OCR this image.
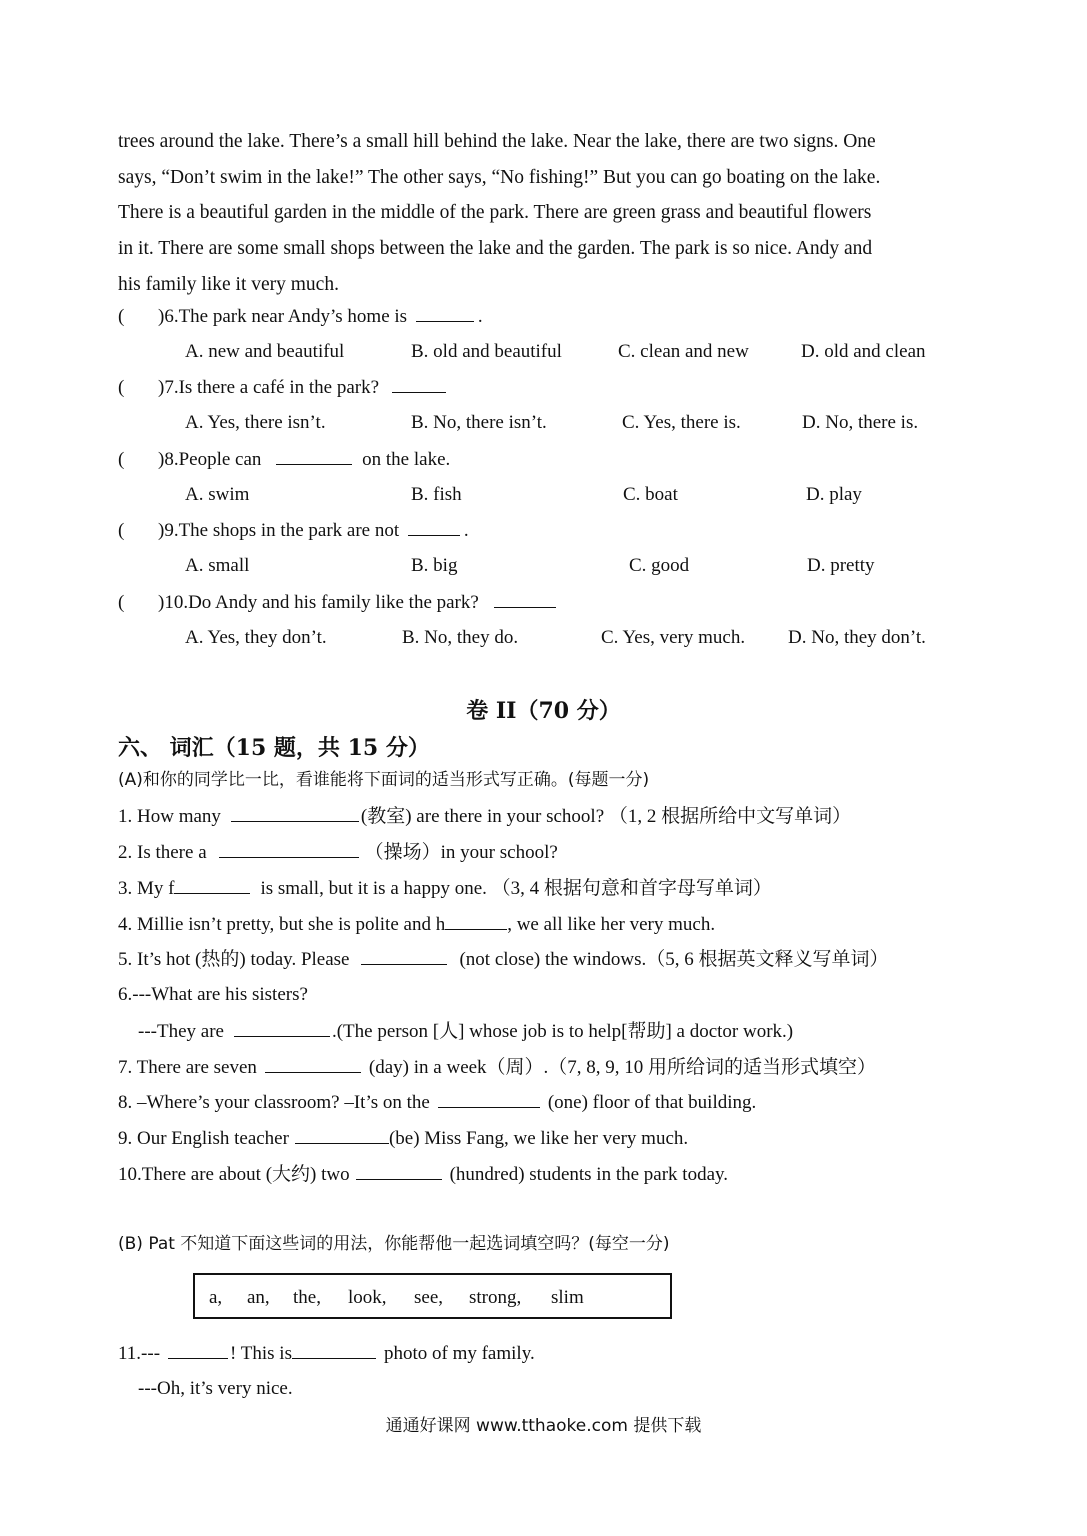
trees around the lake. There’s a small hill behind the lake. Near the lake, there are two signs. One
says, “Don’t swim in the lake!” The other says, “No fishing!” But you can go boating on the lake.
There is a beautiful garden in the middle of the park. There are green grass and beautiful flowers
in it. There are some small shops between the lake and the garden. The park is so nice. Andy and
his family like it very much.
( )6.The park near Andy’s home is	.
A. new and beautiful	B. old and beautiful	C. clean and new	D. old and clean
( )7.Is there a café in the park?
A. Yes, there isn’t.	B. No, there isn’t.	C. Yes, there is.	D. No, there is.
( )8.People can	on the lake.
A. swim	B. fish	C. boat	D. play
( )9.The shops in the park are not	.
A. small	B. big	C. good	D. pretty
( )10.Do Andy and his family like the park?
A. Yes, they don’t.	B. No, they do.	C. Yes, very much. D. No, they don’t.
卷 II（70 分）
六、 词汇（15 题，共 15 分）
(A)和你的同学比一比，看谁能将下面词的适当形式写正确。(每题一分)
1. How many	(教室) are there in your school? （1, 2 根据所给中文写单词）
2. Is there a	（操场）in your school?
3. My f	is small, but it is a happy one. （3, 4 根据句意和首字母写单词）
4. Millie isn’t pretty, but she is polite and h	, we all like her very much.
5. It’s hot (热的) today. Please	(not close) the windows.（5, 6 根据英文释义写单词）
6.---What are his sisters?
---They are	.(The person [人] whose job is to help[帮助] a doctor work.)
7. There are seven	(day) in a week（周）.（7, 8, 9, 10 用所给词的适当形式填空）
8. –Where’s your classroom? –It’s on the	(one) floor of that building.
9. Our English teacher	(be) Miss Fang, we like her very much.
10.There are about (大约) two	(hundred) students in the park today.
(B) Pat 不知道下面这些词的用法，你能帮他一起选词填空吗？(每空一分)
a, an, the, look, see, strong, slim
11.---	! This is	photo of my family.
---Oh, it’s very nice.
通通好课网 www.tthaoke.com 提供下载
